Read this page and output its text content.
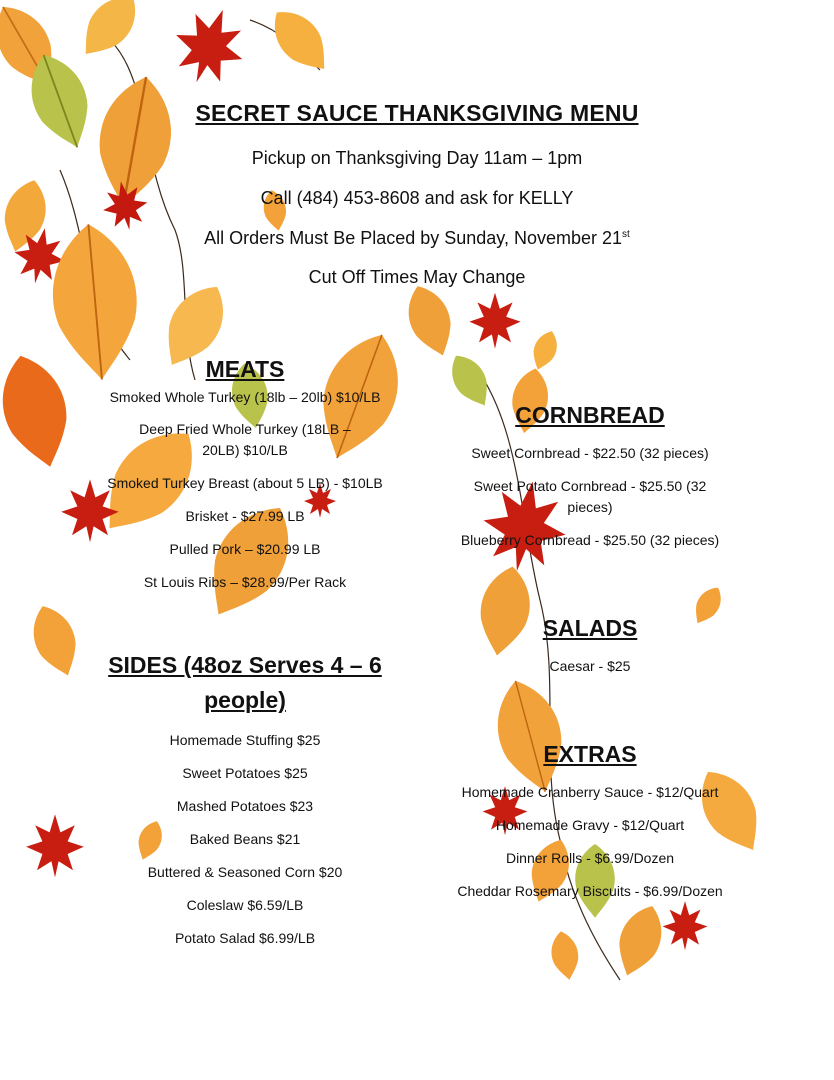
SECRET SAUCE THANKSGIVING MENU
Pickup on Thanksgiving Day 11am – 1pm
Call (484) 453-8608 and ask for KELLY
All Orders Must Be Placed by Sunday, November 21st
Cut Off Times May Change
MEATS

Smoked Whole Turkey (18lb – 20lb) $10/LB

Deep Fried Whole Turkey (18LB – 20LB) $10/LB

Smoked Turkey Breast (about 5 LB) - $10LB

Brisket - $27.99 LB

Pulled Pork – $20.99 LB

St Louis Ribs – $28.99/Per Rack

SIDES (48oz Serves 4 – 6 people)

Homemade Stuffing $25

Sweet Potatoes $25

Mashed Potatoes $23

Baked Beans $21

Buttered & Seasoned Corn $20

Coleslaw $6.59/LB

Potato Salad $6.99/LB

CORNBREAD

Sweet Cornbread - $22.50 (32 pieces)

Sweet Potato Cornbread - $25.50 (32 pieces)

Blueberry Cornbread - $25.50 (32 pieces)

SALADS

Caesar - $25

EXTRAS

Homemade Cranberry Sauce - $12/Quart

Homemade Gravy - $12/Quart

Dinner Rolls - $6.99/Dozen

Cheddar Rosemary Biscuits - $6.99/Dozen
